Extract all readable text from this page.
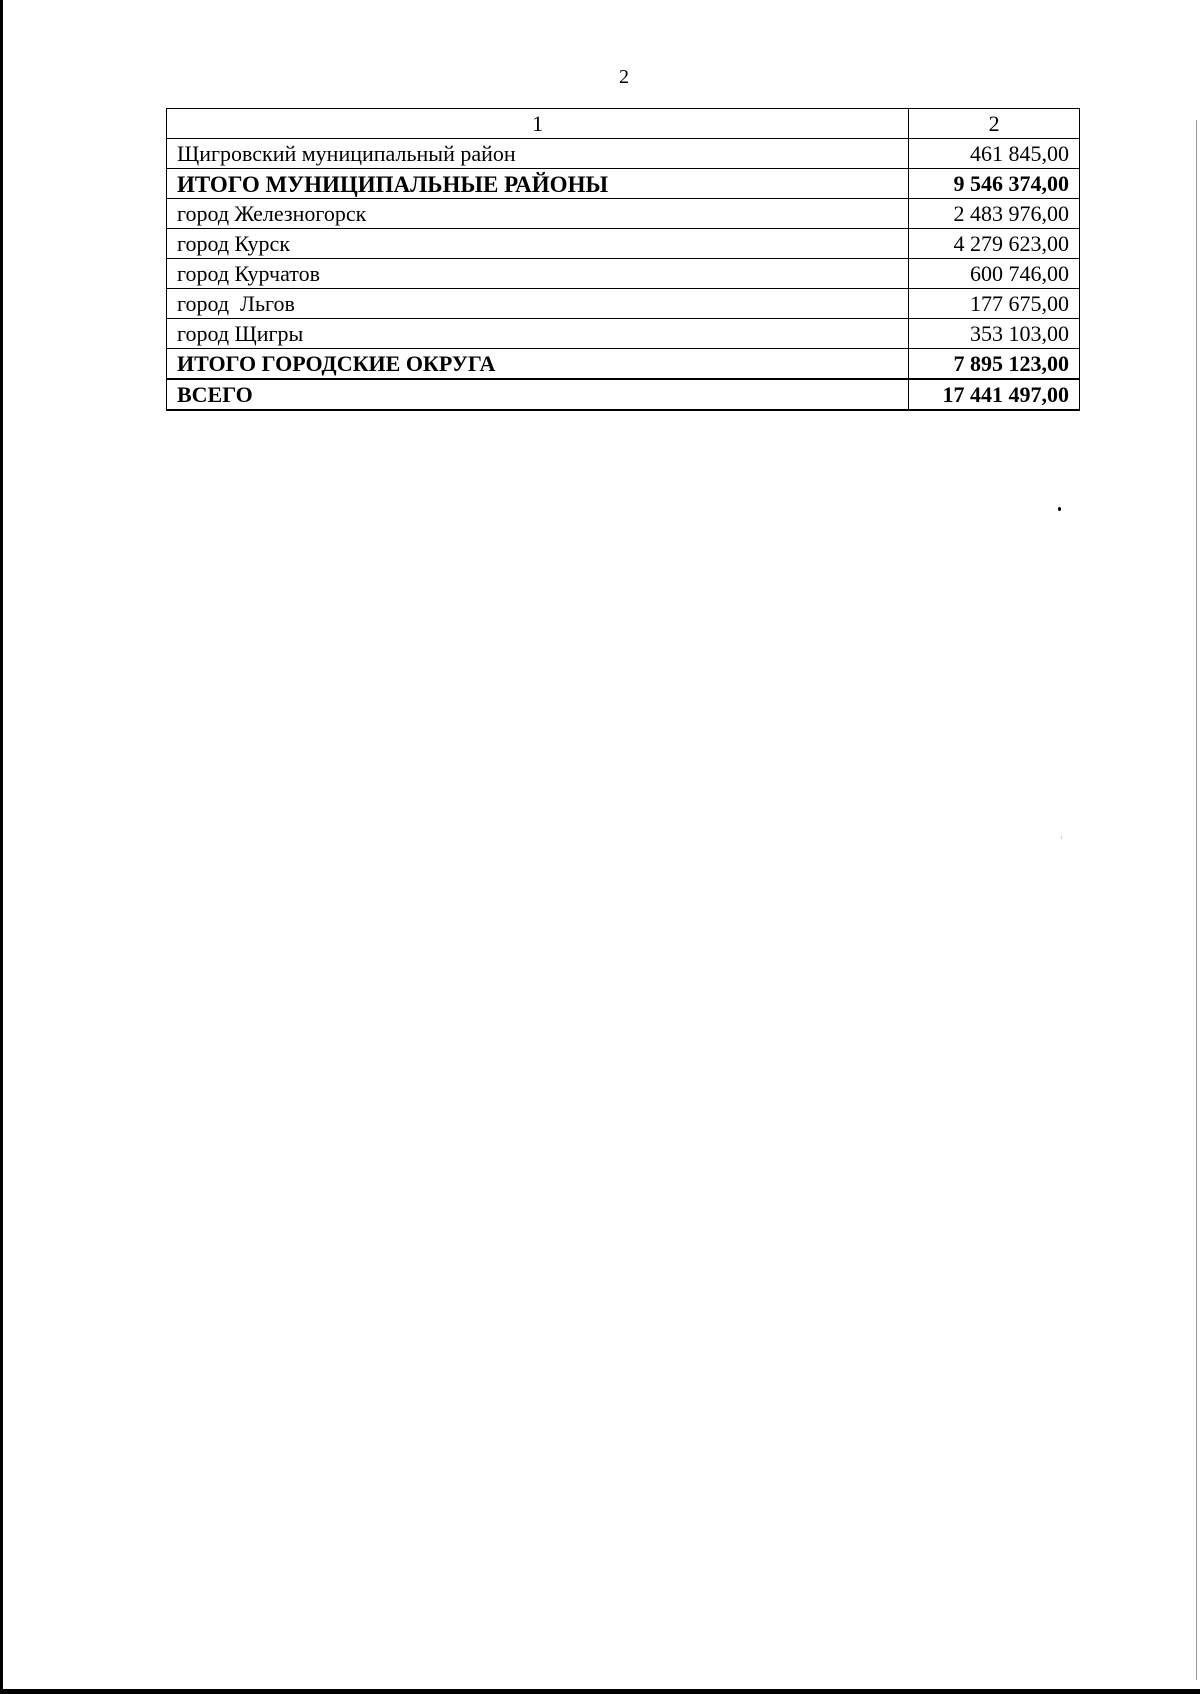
2
1	2
Щигровский муниципальный район	461 845,00
ИТОГО МУНИЦИПАЛЬНЫЕ РАЙОНЫ	9 546 374,00
город Железногорск	2 483 976,00
город Курск	4 279 623,00
город Курчатов	600 746,00
город  Льгов	177 675,00
город Щигры	353 103,00
ИТОГО ГОРОДСКИЕ ОКРУГА	7 895 123,00
ВСЕГО	17 441 497,00
